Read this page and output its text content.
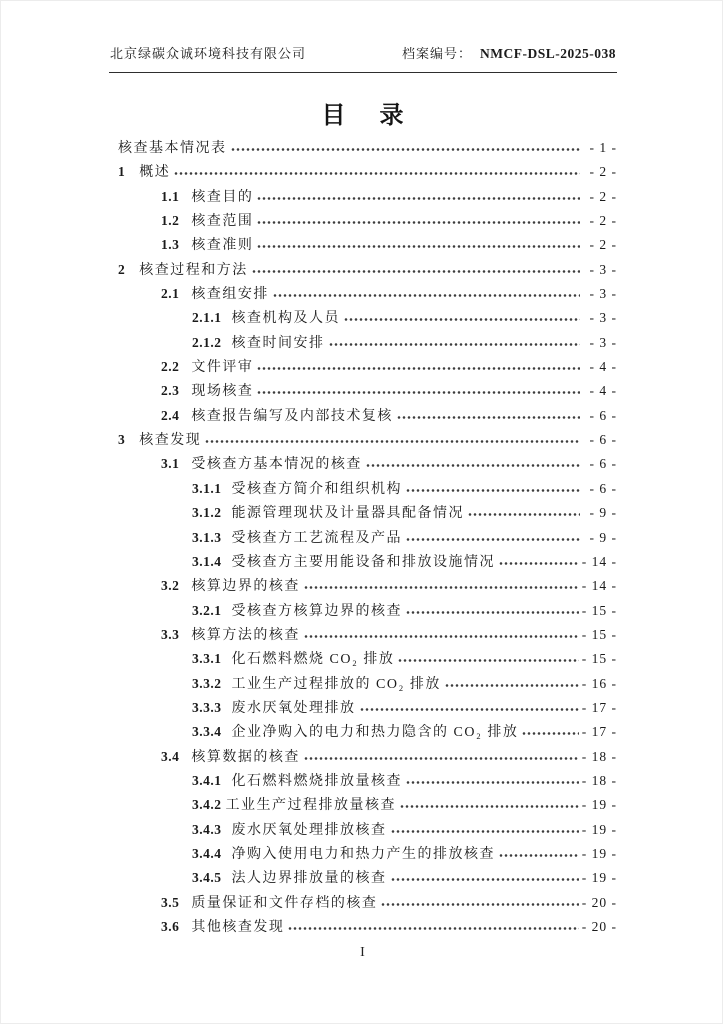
北京绿碳众诚环境科技有限公司	档案编号： NMCF-DSL-2025-038
目 录
核查基本情况表	- 1 -
1 概述	- 2 -
1.1 核查目的	- 2 -
1.2 核查范围	- 2 -
1.3 核查准则	- 2 -
2 核查过程和方法	- 3 -
2.1 核查组安排	- 3 -
2.1.1 核查机构及人员	- 3 -
2.1.2 核查时间安排	- 3 -
2.2 文件评审	- 4 -
2.3 现场核查	- 4 -
2.4 核查报告编写及内部技术复核	- 6 -
3 核查发现	- 6 -
3.1 受核查方基本情况的核查	- 6 -
3.1.1 受核查方简介和组织机构	- 6 -
3.1.2 能源管理现状及计量器具配备情况	- 9 -
3.1.3 受核查方工艺流程及产品	- 9 -
3.1.4 受核查方主要用能设备和排放设施情况	- 14 -
3.2 核算边界的核查	- 14 -
3.2.1 受核查方核算边界的核查	- 15 -
3.3 核算方法的核查	- 15 -
3.3.1 化石燃料燃烧 CO₂ 排放	- 15 -
3.3.2 工业生产过程排放的 CO₂ 排放	- 16 -
3.3.3 废水厌氧处理排放	- 17 -
3.3.4 企业净购入的电力和热力隐含的 CO₂ 排放	- 17 -
3.4 核算数据的核查	- 18 -
3.4.1 化石燃料燃烧排放量核查	- 18 -
3.4.2 工业生产过程排放量核查	- 19 -
3.4.3 废水厌氧处理排放核查	- 19 -
3.4.4 净购入使用电力和热力产生的排放核查	- 19 -
3.4.5 法人边界排放量的核查	- 19 -
3.5 质量保证和文件存档的核查	- 20 -
3.6 其他核查发现	- 20 -
I
